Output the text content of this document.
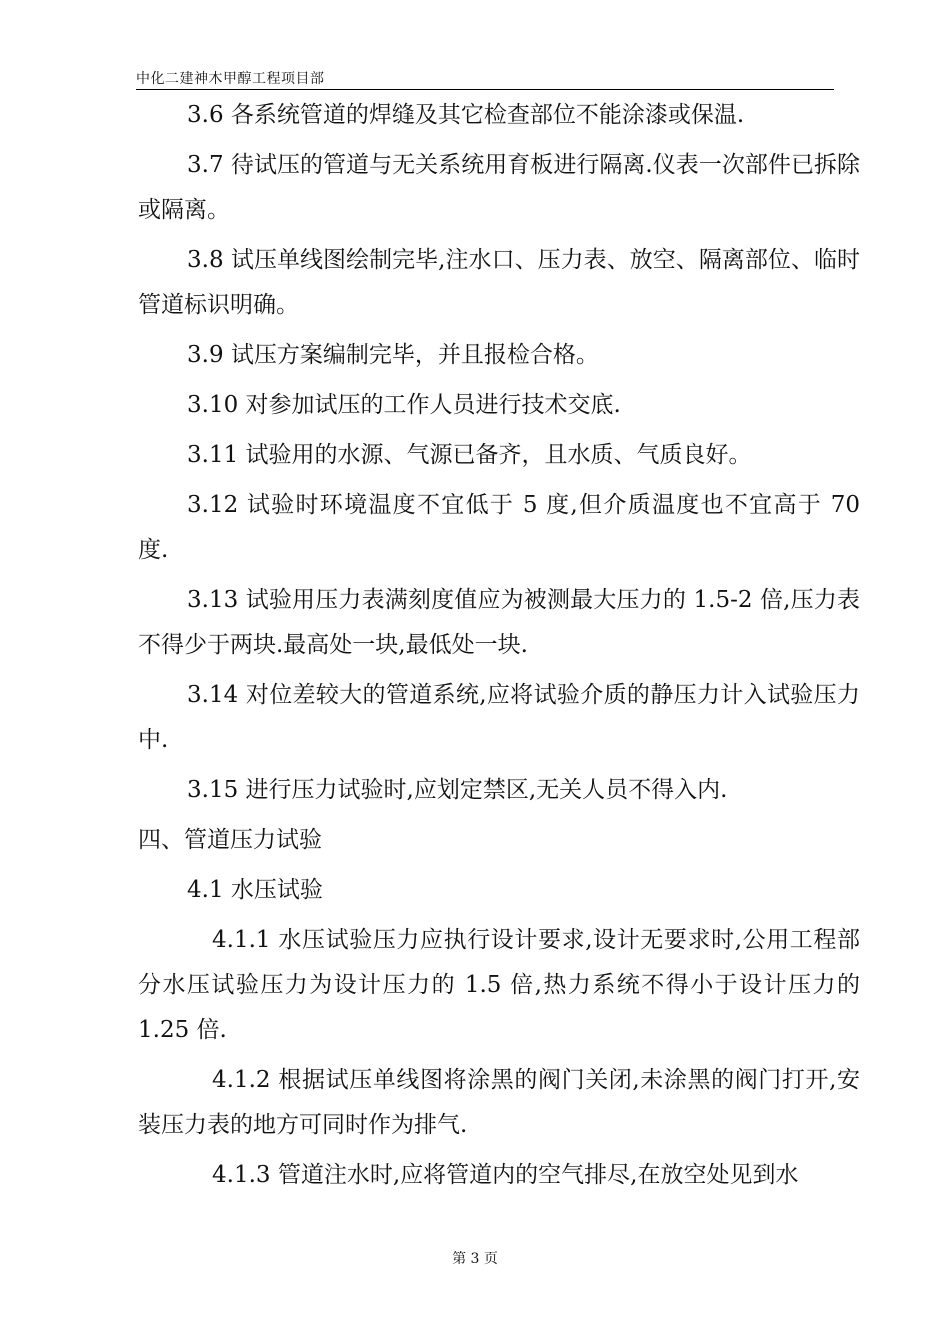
中化二建神木甲醇工程项目部

3.6 各系统管道的焊缝及其它检查部位不能涂漆或保温.

3.7 待试压的管道与无关系统用育板进行隔离.仪表一次部件已拆除或隔离。

3.8 试压单线图绘制完毕,注水口、压力表、放空、隔离部位、临时管道标识明确。

3.9 试压方案编制完毕，并且报检合格。

3.10 对参加试压的工作人员进行技术交底.

3.11 试验用的水源、气源已备齐，且水质、气质良好。

3.12 试验时环境温度不宜低于 5 度,但介质温度也不宜高于 70 度.

3.13 试验用压力表满刻度值应为被测最大压力的 1.5-2 倍,压力表不得少于两块.最高处一块,最低处一块.

3.14 对位差较大的管道系统,应将试验介质的静压力计入试验压力中.

3.15 进行压力试验时,应划定禁区,无关人员不得入内.

四、管道压力试验

4.1 水压试验

4.1.1 水压试验压力应执行设计要求,设计无要求时,公用工程部分水压试验压力为设计压力的 1.5 倍,热力系统不得小于设计压力的 1.25 倍.

4.1.2 根据试压单线图将涂黑的阀门关闭,未涂黑的阀门打开,安装压力表的地方可同时作为排气.

4.1.3 管道注水时,应将管道内的空气排尽,在放空处见到水

第 3 页
